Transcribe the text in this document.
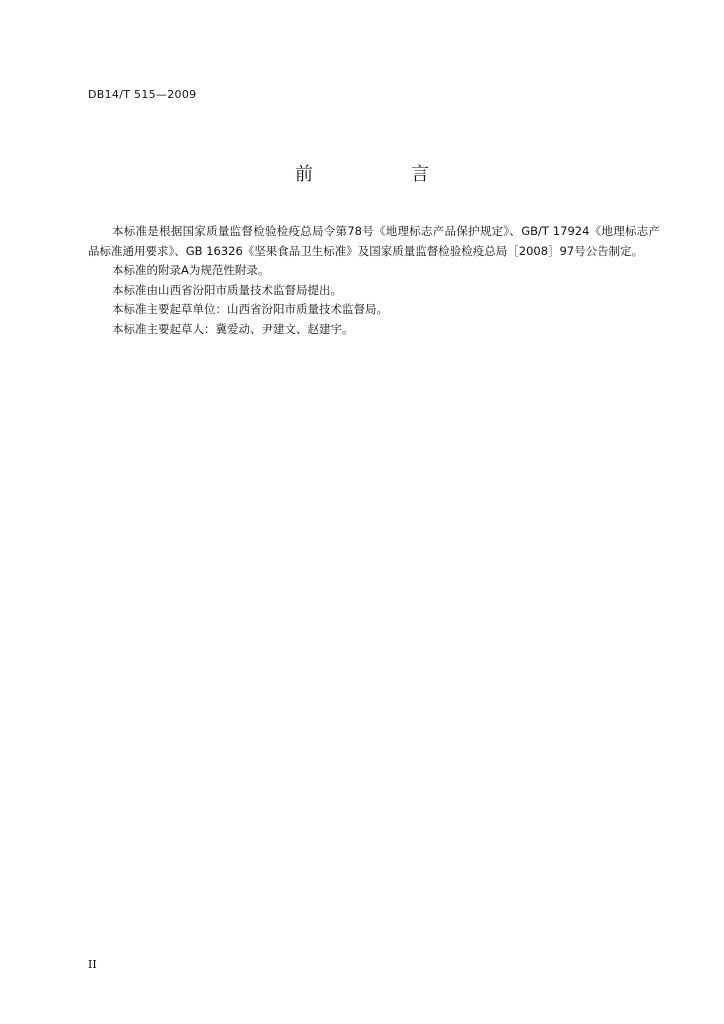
DB14/T 515—2009
前　言

本标准是根据国家质量监督检验检疫总局令第78号《地理标志产品保护规定》、GB/T 17924《地理标志产品标准通用要求》、GB 16326《坚果食品卫生标准》及国家质量监督检验检疫总局［2008］97号公告制定。

本标准的附录A为规范性附录。

本标准由山西省汾阳市质量技术监督局提出。

本标准主要起草单位：山西省汾阳市质量技术监督局。

本标准主要起草人：冀爱动、尹建文、赵建宇。

II
